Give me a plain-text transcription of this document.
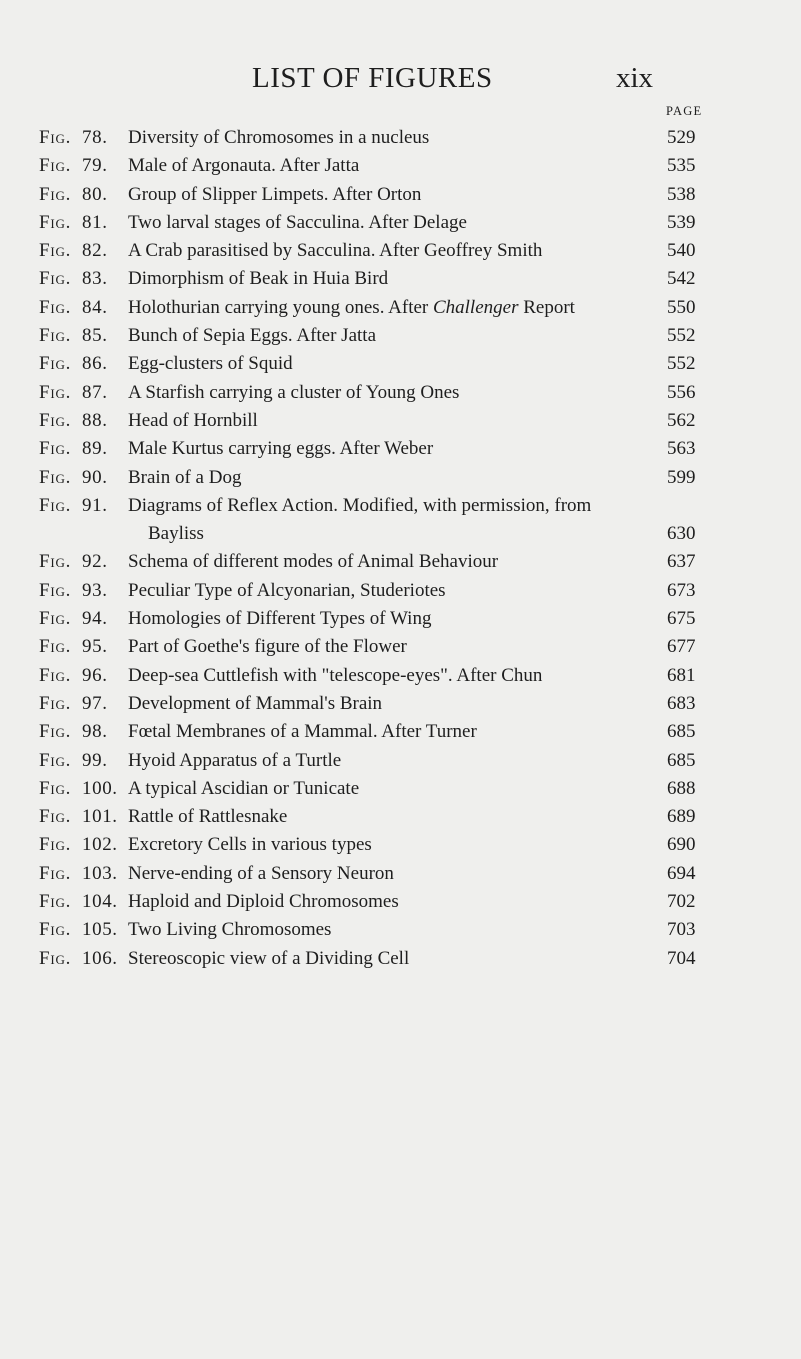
LIST OF FIGURES	xix
PAGE
Fig. 78. Diversity of Chromosomes in a nucleus	529
Fig. 79. Male of Argonauta. After Jatta	535
Fig. 80. Group of Slipper Limpets. After Orton	538
Fig. 81. Two larval stages of Sacculina. After Delage	539
Fig. 82. A Crab parasitised by Sacculina. After Geoffrey Smith	540
Fig. 83. Dimorphism of Beak in Huia Bird	542
Fig. 84. Holothurian carrying young ones. After Challenger Report	550
Fig. 85. Bunch of Sepia Eggs. After Jatta	552
Fig. 86. Egg-clusters of Squid	552
Fig. 87. A Starfish carrying a cluster of Young Ones	556
Fig. 88. Head of Hornbill	562
Fig. 89. Male Kurtus carrying eggs. After Weber	563
Fig. 90. Brain of a Dog	599
Fig. 91. Diagrams of Reflex Action. Modified, with permission, from
Bayliss	630
Fig. 92. Schema of different modes of Animal Behaviour	637
Fig. 93. Peculiar Type of Alcyonarian, Studeriotes	673
Fig. 94. Homologies of Different Types of Wing	675
Fig. 95. Part of Goethe's figure of the Flower	677
Fig. 96. Deep-sea Cuttlefish with "telescope-eyes". After Chun	681
Fig. 97. Development of Mammal's Brain	683
Fig. 98. Fœtal Membranes of a Mammal. After Turner	685
Fig. 99. Hyoid Apparatus of a Turtle	685
Fig. 100. A typical Ascidian or Tunicate	688
Fig. 101. Rattle of Rattlesnake	689
Fig. 102. Excretory Cells in various types	690
Fig. 103. Nerve-ending of a Sensory Neuron	694
Fig. 104. Haploid and Diploid Chromosomes	702
Fig. 105. Two Living Chromosomes	703
Fig. 106. Stereoscopic view of a Dividing Cell	704
